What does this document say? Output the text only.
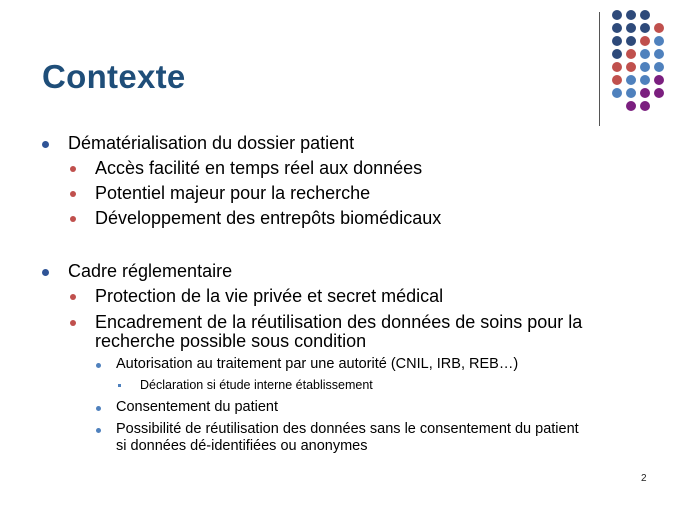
Contexte
Dématérialisation du dossier patient
Accès facilité en temps réel aux données
Potentiel majeur pour la recherche
Développement des entrepôts biomédicaux
Cadre réglementaire
Protection de la vie privée et secret médical
Encadrement de la réutilisation des données de soins pour la
recherche possible sous condition
Autorisation au traitement par une autorité (CNIL, IRB, REB…)
Déclaration si étude interne établissement
Consentement du patient
Possibilité de réutilisation des données sans le consentement du patient
si données dé-identifiées ou anonymes
2
